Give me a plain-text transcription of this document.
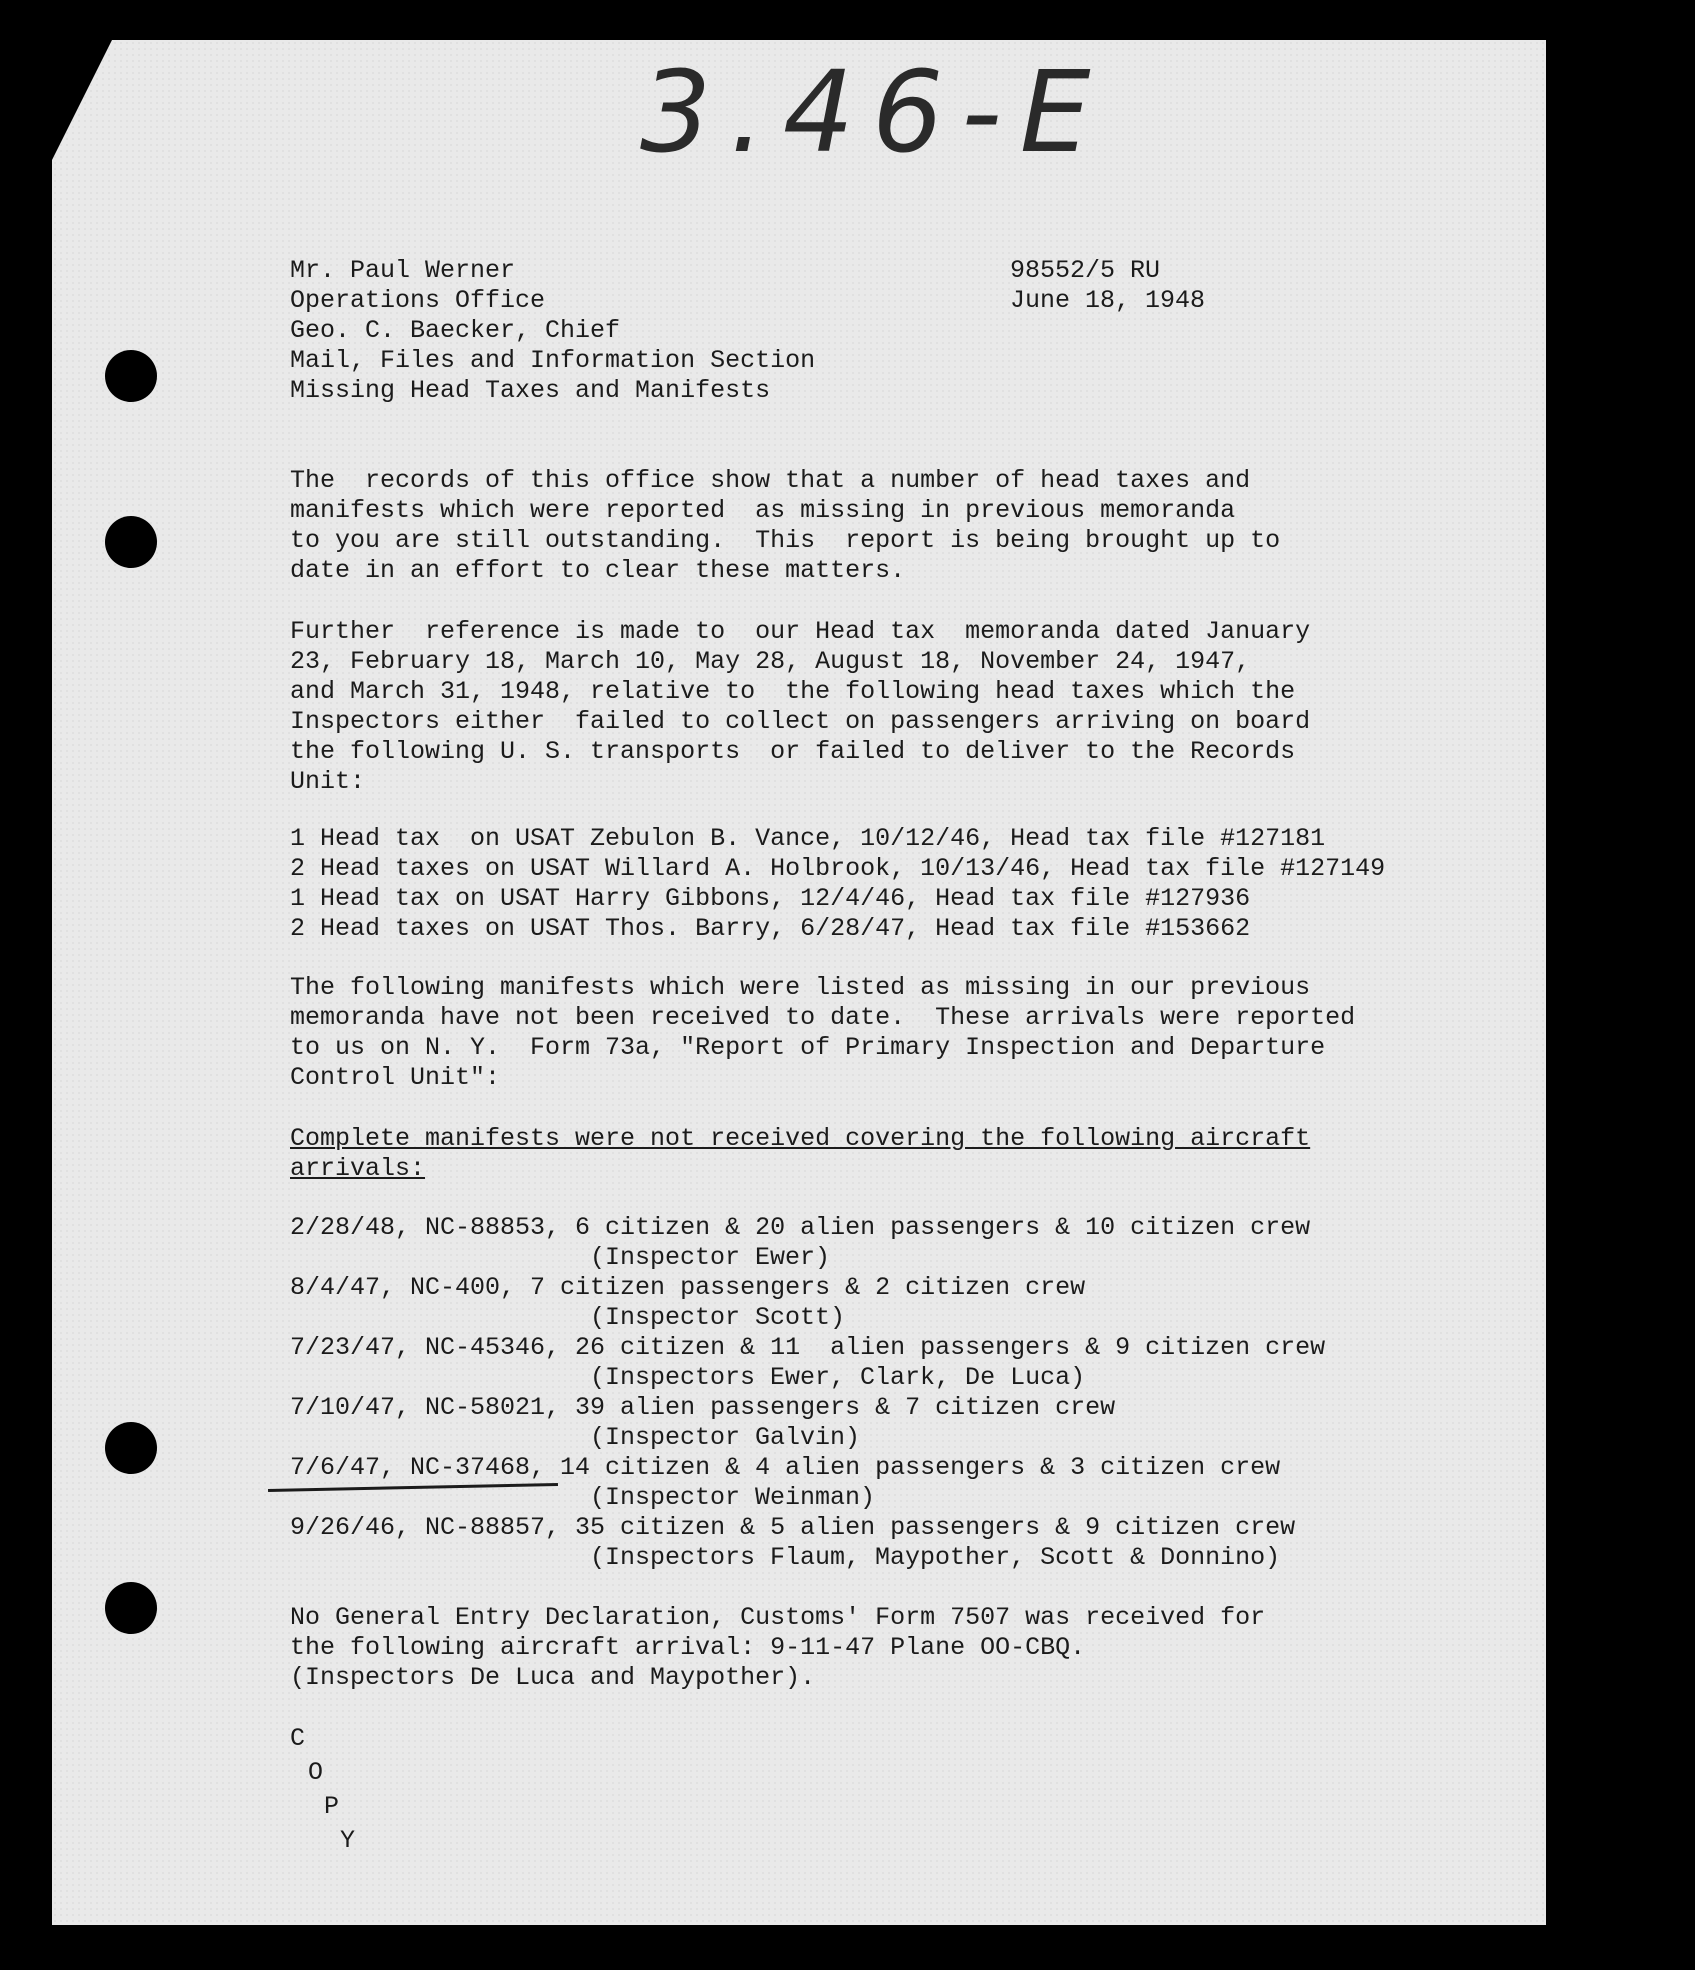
3.46-E
Mr. Paul Werner
Operations Office
Geo. C. Baecker, Chief
Mail, Files and Information Section
Missing Head Taxes and Manifests
98552/5 RU
June 18, 1948
The  records of this office show that a number of head taxes and
manifests which were reported  as missing in previous memoranda
to you are still outstanding.  This  report is being brought up to
date in an effort to clear these matters.
Further  reference is made to  our Head tax  memoranda dated January
23, February 18, March 10, May 28, August 18, November 24, 1947,
and March 31, 1948, relative to  the following head taxes which the
Inspectors either  failed to collect on passengers arriving on board
the following U. S. transports  or failed to deliver to the Records
Unit:
1 Head tax  on USAT Zebulon B. Vance, 10/12/46, Head tax file #127181
2 Head taxes on USAT Willard A. Holbrook, 10/13/46, Head tax file #127149
1 Head tax on USAT Harry Gibbons, 12/4/46, Head tax file #127936
2 Head taxes on USAT Thos. Barry, 6/28/47, Head tax file #153662
The following manifests which were listed as missing in our previous
memoranda have not been received to date.  These arrivals were reported
to us on N. Y.  Form 73a, "Report of Primary Inspection and Departure
Control Unit":
Complete manifests were not received covering the following aircraft
arrivals:
2/28/48, NC-88853, 6 citizen & 20 alien passengers & 10 citizen crew
(Inspector Ewer)
8/4/47, NC-400, 7 citizen passengers & 2 citizen crew
(Inspector Scott)
7/23/47, NC-45346, 26 citizen & 11  alien passengers & 9 citizen crew
(Inspectors Ewer, Clark, De Luca)
7/10/47, NC-58021, 39 alien passengers & 7 citizen crew
(Inspector Galvin)
7/6/47, NC-37468, 14 citizen & 4 alien passengers & 3 citizen crew
(Inspector Weinman)
9/26/46, NC-88857, 35 citizen & 5 alien passengers & 9 citizen crew
(Inspectors Flaum, Maypother, Scott & Donnino)
No General Entry Declaration, Customs' Form 7507 was received for
the following aircraft arrival: 9-11-47 Plane OO-CBQ.
(Inspectors De Luca and Maypother).
C
O
P
Y
